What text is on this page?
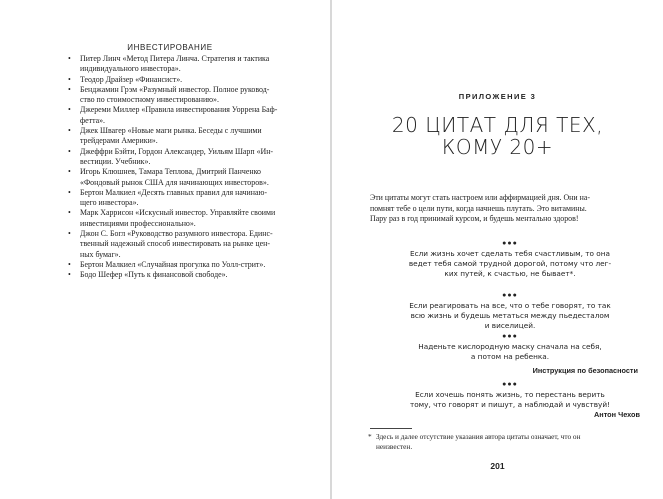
ИНВЕСТИРОВАНИЕ
• Питер Линч «Метод Питера Линча. Стратегия и тактика
индивидуального инвестора».
• Теодор Драйзер «Финансист».
• Бенджамин Грэм «Разумный инвестор. Полное руковод-
ство по стоимостному инвестированию».
• Джереми Миллер «Правила инвестирования Уоррена Баф-
фетта».
• Джек Швагер «Новые маги рынка. Беседы с лучшими
трейдерами Америки».
• Джеффри Бэйти, Гордон Александер, Уильям Шарп «Ин-
вестиции. Учебник».
• Игорь Клюшнев, Тамара Теплова, Дмитрий Панченко
«Фондовый рынок США для начинающих инвесторов».
• Бертон Малкиел «Десять главных правил для начинаю-
щего инвестора».
• Марк Харрисон «Искусный инвестор. Управляйте своими
инвестициями профессионально».
• Джон С. Богл «Руководство разумного инвестора. Единс-
твенный надежный способ инвестировать на рынке цен-
ных бумаг».
• Бертон Малкиел «Случайная прогулка по Уолл-стрит».
• Бодо Шефер «Путь к финансовой свободе».
ПРИЛОЖЕНИЕ 3
20 ЦИТАТ ДЛЯ ТЕХ,
КОМУ 20+
Эти цитаты могут стать настроем или аффирмацией дня. Они на-
помнят тебе о цели пути, когда начнешь плутать. Это витамины.
Пару раз в год принимай курсом, и будешь ментально здоров!
●●●
Если жизнь хочет сделать тебя счастливым, то она
ведет тебя самой трудной дорогой, потому что лег-
ких путей, к счастью, не бывает*.
●●●
Если реагировать на все, что о тебе говорят, то так
всю жизнь и будешь метаться между пьедесталом
и виселицей.
●●●
Наденьте кислородную маску сначала на себя,
а потом на ребенка.
Инструкция по безопасности
●●●
Если хочешь понять жизнь, то перестань верить
тому, что говорят и пишут, а наблюдай и чувствуй!
Антон Чехов
* Здесь и далее отсутствие указания автора цитаты означает, что он
неизвестен.
201
